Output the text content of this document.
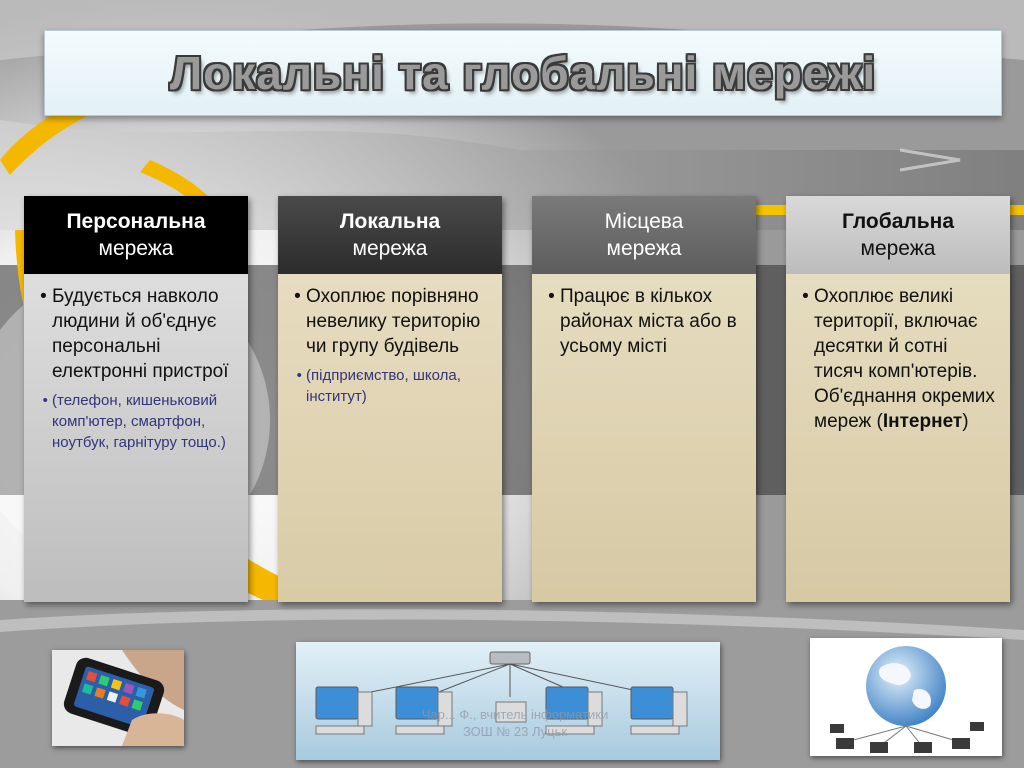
Локальні та глобальні мережі
Персональна
мережа
• Будується навколо людини й об'єднує персональні електронні пристрої
• (телефон, кишеньковий комп'ютер, смартфон, ноутбук, гарнітуру тощо.)
Локальна
мережа
• Охоплює порівняно невелику територію чи групу будівель
• (підприємство, школа, інститут)
Місцева
мережа
• Працює в кількох районах міста або в усьому місті
Глобальна
мережа
• Охоплює великі території, включає десятки й сотні тисяч комп'ютерів. Об'єднання окремих мереж (Інтернет)
Чар... Ф., вчитель інформатики
ЗОШ № 23 Луцьк
